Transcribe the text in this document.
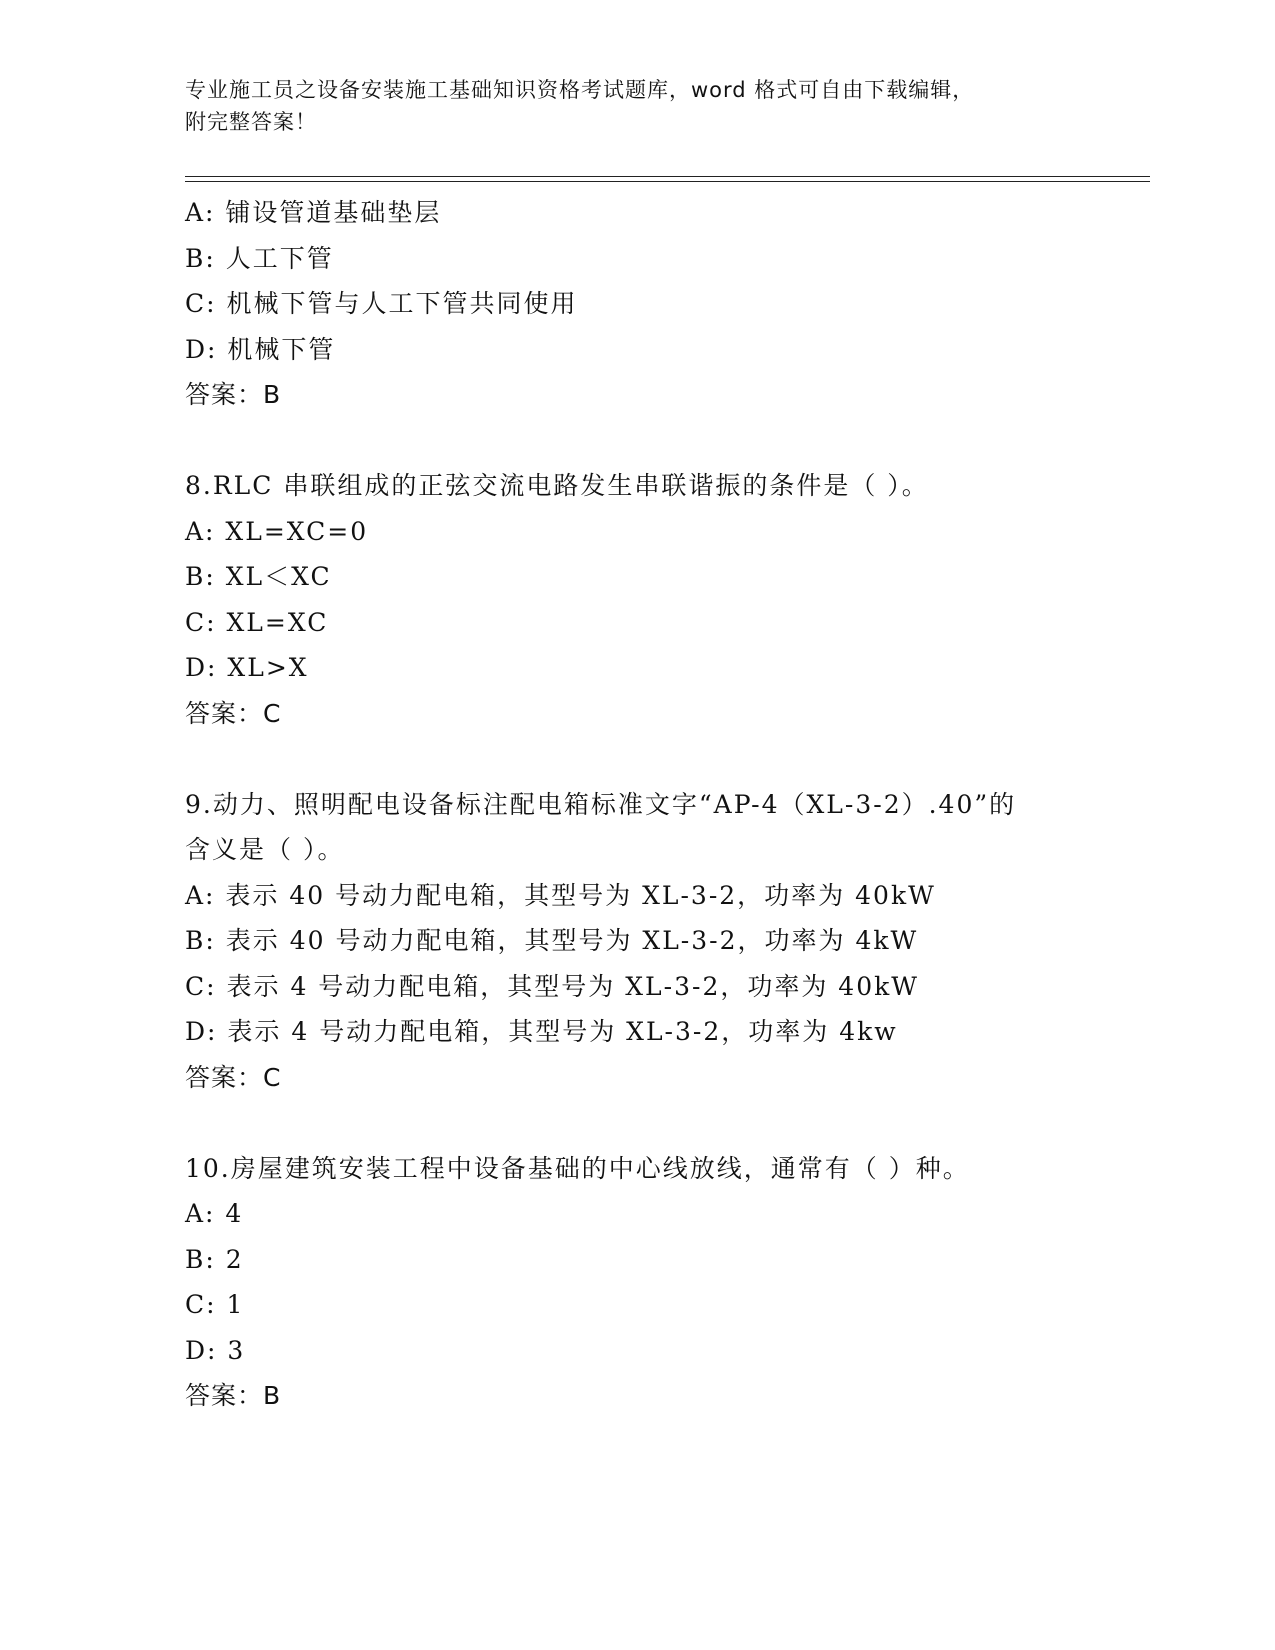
专业施工员之设备安装施工基础知识资格考试题库，word 格式可自由下载编辑，
附完整答案！
A: 铺设管道基础垫层
B: 人工下管
C: 机械下管与人工下管共同使用
D: 机械下管
答案：B
8.RLC 串联组成的正弦交流电路发生串联谐振的条件是（ ）。
A: XL=XC=0
B: XL＜XC
C: XL=XC
D: XL>X
答案：C
9.动力、照明配电设备标注配电箱标准文字“AP-4（XL-3-2）.40”的
含义是（ ）。
A: 表示 40 号动力配电箱，其型号为 XL-3-2，功率为 40kW
B: 表示 40 号动力配电箱，其型号为 XL-3-2，功率为 4kW
C: 表示 4 号动力配电箱，其型号为 XL-3-2，功率为 40kW
D: 表示 4 号动力配电箱，其型号为 XL-3-2，功率为 4kw
答案：C
10.房屋建筑安装工程中设备基础的中心线放线，通常有（ ）种。
A: 4
B: 2
C: 1
D: 3
答案：B
